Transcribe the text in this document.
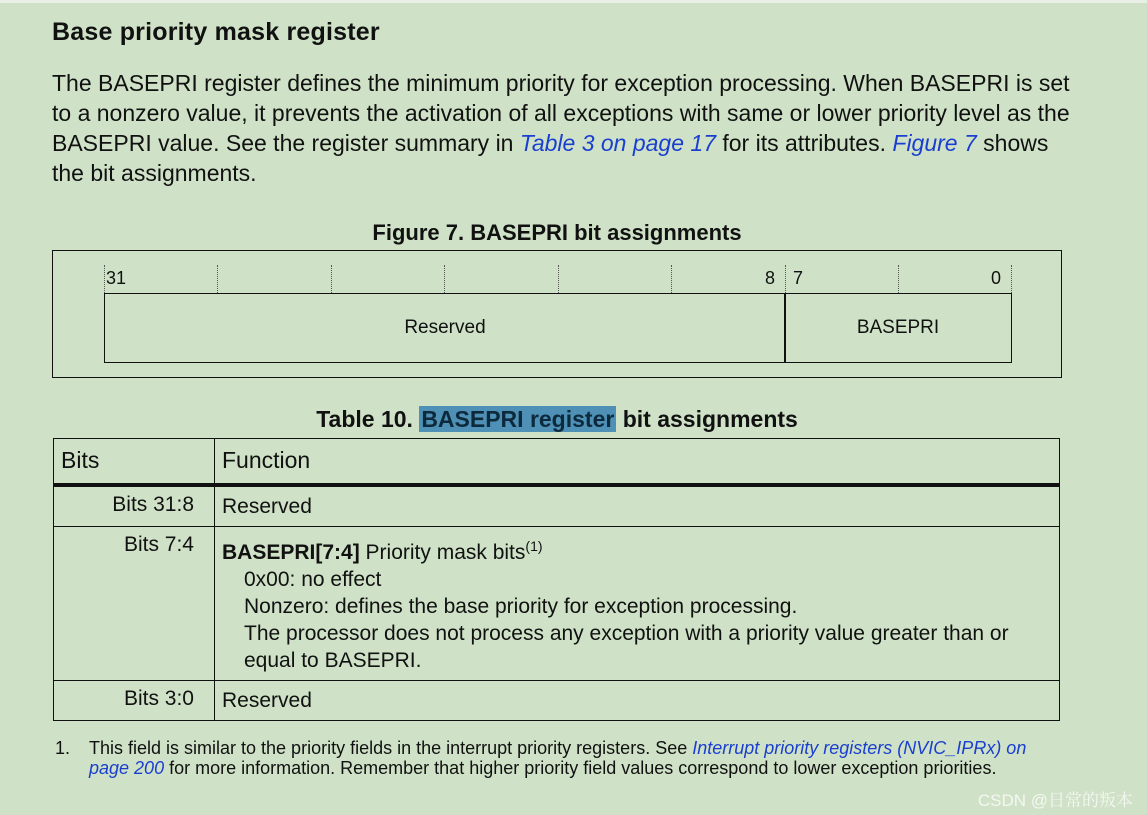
Base priority mask register

The BASEPRI register defines the minimum priority for exception processing. When BASEPRI is set to a nonzero value, it prevents the activation of all exceptions with same or lower priority level as the BASEPRI value. See the register summary in Table 3 on page 17 for its attributes. Figure 7 shows the bit assignments.

Figure 7. BASEPRI bit assignments
31	8 7	0
Reserved	BASEPRI
Table 10. BASEPRI register bit assignments
Bits	Function
Bits 31:8	Reserved
Bits 7:4	BASEPRI[7:4] Priority mask bits$^{(1)}$
0x00: no effect
Nonzero: defines the base priority for exception processing.
The processor does not process any exception with a priority value greater than or equal to BASEPRI.

Bits 3:0	Reserved
1. This field is similar to the priority fields in the interrupt priority registers. See Interrupt priority registers (NVIC_IPRx) on page 200 for more information. Remember that higher priority field values correspond to lower exception priorities.
CSDN @日常的叛本
